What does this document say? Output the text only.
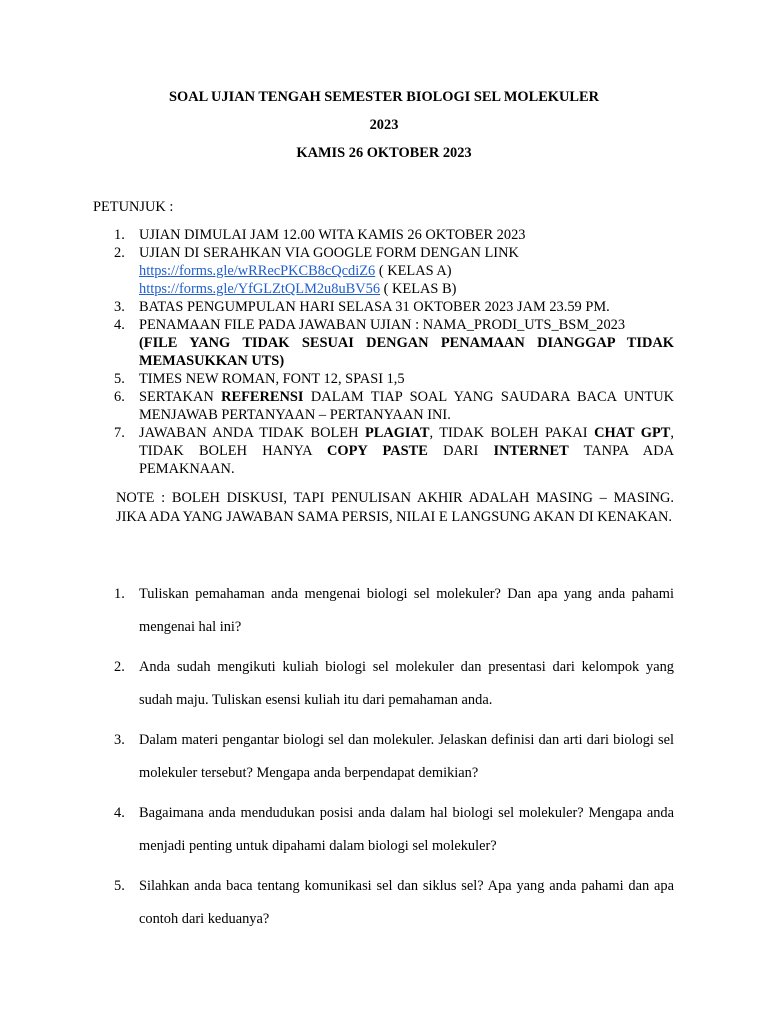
SOAL UJIAN TENGAH SEMESTER BIOLOGI SEL MOLEKULER

2023

KAMIS 26 OKTOBER 2023

PETUNJUK :

1. UJIAN DIMULAI JAM 12.00 WITA KAMIS 26 OKTOBER 2023
2. UJIAN DI SERAHKAN VIA GOOGLE FORM DENGAN LINK
https://forms.gle/wRRecPKCB8cQcdiZ6 ( KELAS A)
https://forms.gle/YfGLZtQLM2u8uBV56 ( KELAS B)
3. BATAS PENGUMPULAN HARI SELASA 31 OKTOBER 2023 JAM 23.59 PM.
4. PENAMAAN FILE PADA JAWABAN UJIAN : NAMA_PRODI_UTS_BSM_2023
(FILE YANG TIDAK SESUAI DENGAN PENAMAAN DIANGGAP TIDAK MEMASUKKAN UTS)
5. TIMES NEW ROMAN, FONT 12, SPASI 1,5
6. SERTAKAN REFERENSI DALAM TIAP SOAL YANG SAUDARA BACA UNTUK MENJAWAB PERTANYAAN – PERTANYAAN INI.
7. JAWABAN ANDA TIDAK BOLEH PLAGIAT, TIDAK BOLEH PAKAI CHAT GPT, TIDAK BOLEH HANYA COPY PASTE DARI INTERNET TANPA ADA PEMAKNAAN.

NOTE : BOLEH DISKUSI, TAPI PENULISAN AKHIR ADALAH MASING – MASING. JIKA ADA YANG JAWABAN SAMA PERSIS, NILAI E LANGSUNG AKAN DI KENAKAN.

1. Tuliskan pemahaman anda mengenai biologi sel molekuler? Dan apa yang anda pahami mengenai hal ini?
2. Anda sudah mengikuti kuliah biologi sel molekuler dan presentasi dari kelompok yang sudah maju. Tuliskan esensi kuliah itu dari pemahaman anda.
3. Dalam materi pengantar biologi sel dan molekuler. Jelaskan definisi dan arti dari biologi sel molekuler tersebut? Mengapa anda berpendapat demikian?
4. Bagaimana anda mendudukan posisi anda dalam hal biologi sel molekuler? Mengapa anda menjadi penting untuk dipahami dalam biologi sel molekuler?
5. Silahkan anda baca tentang komunikasi sel dan siklus sel? Apa yang anda pahami dan apa contoh dari keduanya?
